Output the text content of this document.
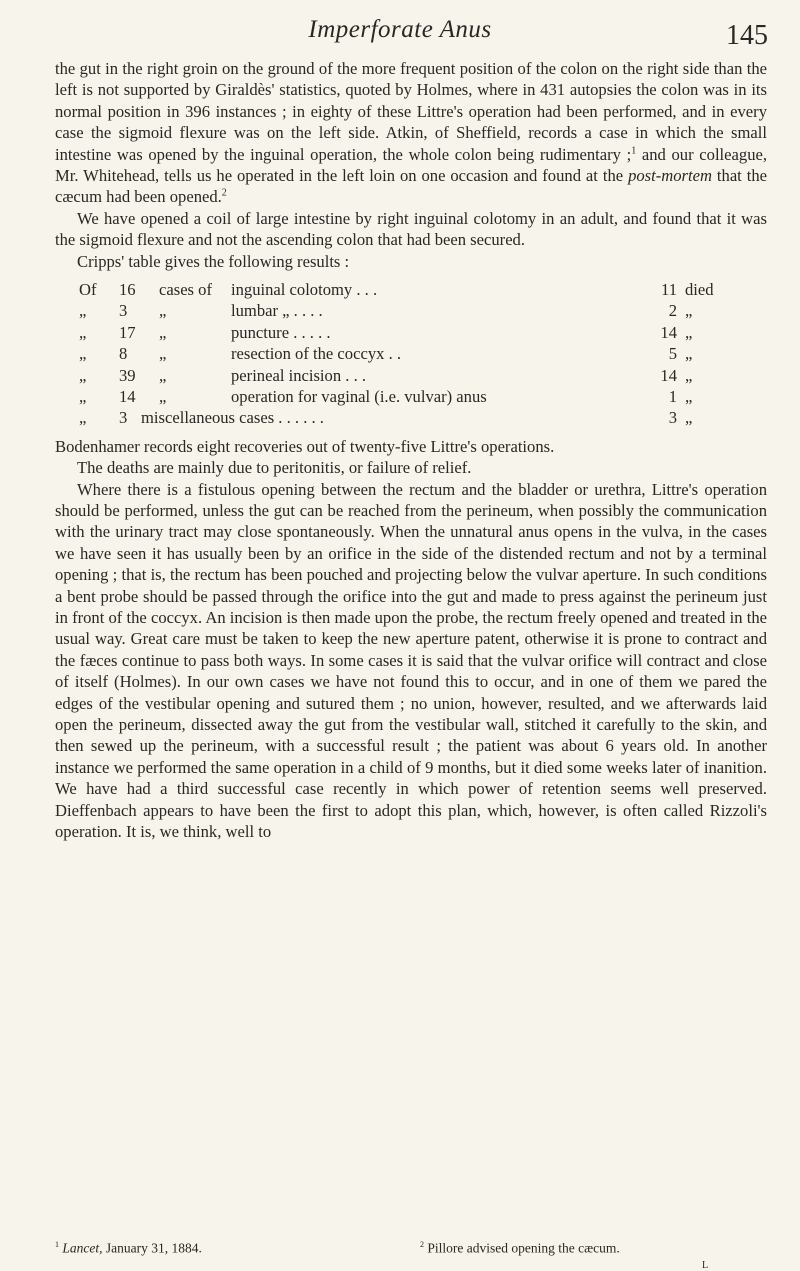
Imperforate Anus	145

the gut in the right groin on the ground of the more frequent position of the colon on the right side than the left is not supported by Giraldès' statistics, quoted by Holmes, where in 431 autopsies the colon was in its normal position in 396 instances ; in eighty of these Littre's operation had been performed, and in every case the sigmoid flexure was on the left side. Atkin, of Sheffield, records a case in which the small intestine was opened by the inguinal operation, the whole colon being rudimentary ;$^1$ and our colleague, Mr. Whitehead, tells us he operated in the left loin on one occasion and found at the post-mortem that the cæcum had been opened.$^2$

We have opened a coil of large intestine by right inguinal colotomy in an adult, and found that it was the sigmoid flexure and not the ascending colon that had been secured.

Cripps' table gives the following results :

Of	16	cases of	inguinal colotomy . . .	11 died
„	3	„	lumbar „ . . . .	2 „
„	17	„	puncture . . . . .	14 „
„	8	„	resection of the coccyx . .	5 „
„	39	„	perineal incision . . .	14 „
„	14	„	operation for vaginal (i.e. vulvar) anus	1 „
„	3 miscellaneous cases . . . . . .	3 „

Bodenhamer records eight recoveries out of twenty-five Littre's operations.

The deaths are mainly due to peritonitis, or failure of relief.

Where there is a fistulous opening between the rectum and the bladder or urethra, Littre's operation should be performed, unless the gut can be reached from the perineum, when possibly the communication with the urinary tract may close spontaneously. When the unnatural anus opens in the vulva, in the cases we have seen it has usually been by an orifice in the side of the distended rectum and not by a terminal opening ; that is, the rectum has been pouched and projecting below the vulvar aperture. In such conditions a bent probe should be passed through the orifice into the gut and made to press against the perineum just in front of the coccyx. An incision is then made upon the probe, the rectum freely opened and treated in the usual way. Great care must be taken to keep the new aperture patent, otherwise it is prone to contract and the fæces continue to pass both ways. In some cases it is said that the vulvar orifice will contract and close of itself (Holmes). In our own cases we have not found this to occur, and in one of them we pared the edges of the vestibular opening and sutured them ; no union, however, resulted, and we afterwards laid open the perineum, dissected away the gut from the vestibular wall, stitched it carefully to the skin, and then sewed up the perineum, with a successful result ; the patient was about 6 years old. In another instance we performed the same operation in a child of 9 months, but it died some weeks later of inanition. We have had a third successful case recently in which power of retention seems well preserved. Dieffenbach appears to have been the first to adopt this plan, which, however, is often called Rizzoli's operation. It is, we think, well to

$^1$ Lancet, January 31, 1884.	$^2$ Pillore advised opening the cæcum.
L
